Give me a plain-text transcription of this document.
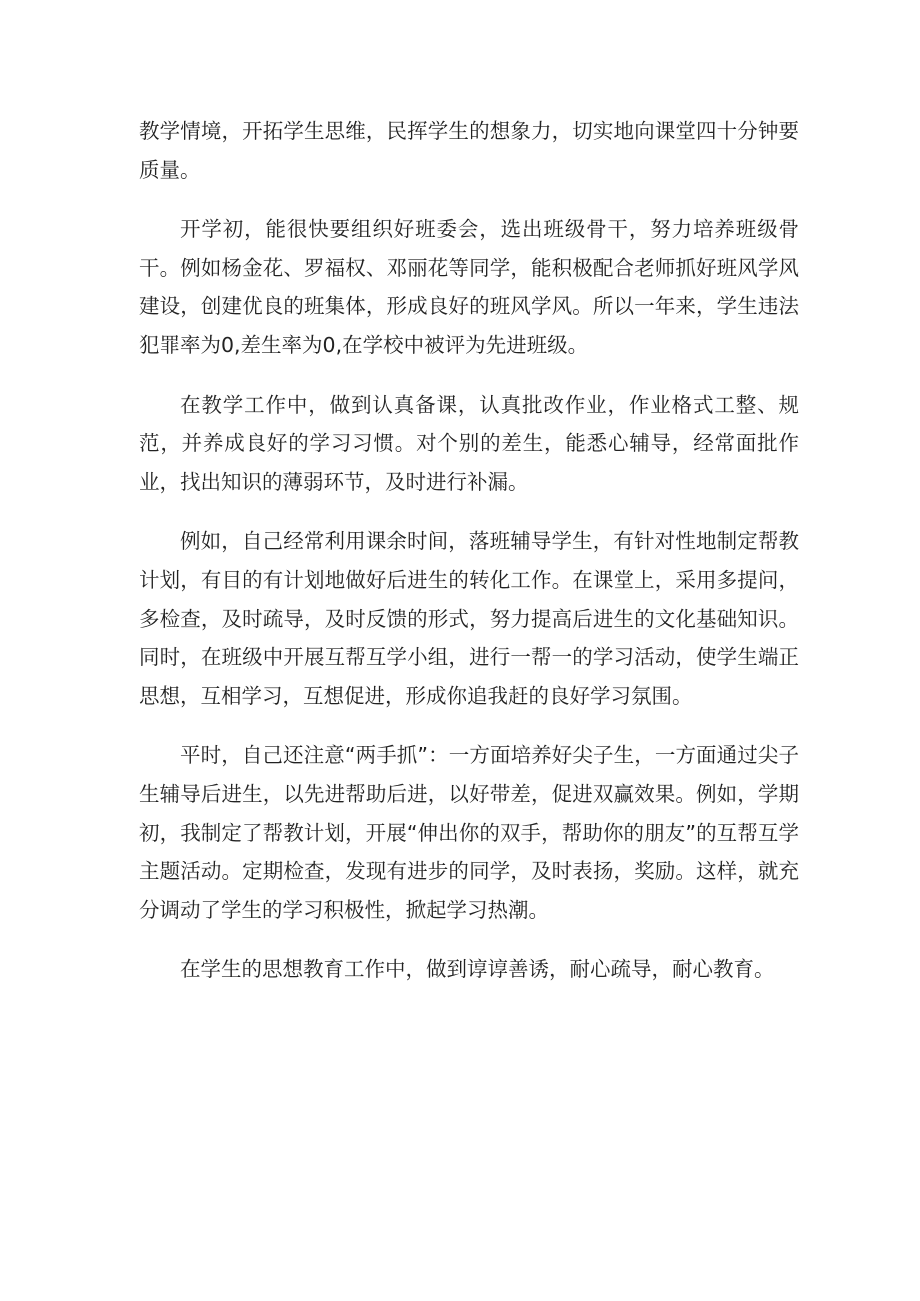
教学情境，开拓学生思维，民挥学生的想象力，切实地向课堂四十分钟要质量。

开学初，能很快要组织好班委会，选出班级骨干，努力培养班级骨干。例如杨金花、罗福权、邓丽花等同学，能积极配合老师抓好班风学风建设，创建优良的班集体，形成良好的班风学风。所以一年来，学生违法犯罪率为0,差生率为0,在学校中被评为先进班级。

在教学工作中，做到认真备课，认真批改作业，作业格式工整、规范，并养成良好的学习习惯。对个别的差生，能悉心辅导，经常面批作业，找出知识的薄弱环节，及时进行补漏。

例如，自己经常利用课余时间，落班辅导学生，有针对性地制定帮教计划，有目的有计划地做好后进生的转化工作。在课堂上，采用多提问，多检查，及时疏导，及时反馈的形式，努力提高后进生的文化基础知识。同时，在班级中开展互帮互学小组，进行一帮一的学习活动，使学生端正思想，互相学习，互想促进，形成你追我赶的良好学习氛围。

平时，自己还注意“两手抓”：一方面培养好尖子生，一方面通过尖子生辅导后进生，以先进帮助后进，以好带差，促进双赢效果。例如，学期初，我制定了帮教计划，开展“伸出你的双手，帮助你的朋友”的互帮互学主题活动。定期检查，发现有进步的同学，及时表扬，奖励。这样，就充分调动了学生的学习积极性，掀起学习热潮。

在学生的思想教育工作中，做到谆谆善诱，耐心疏导，耐心教育。
